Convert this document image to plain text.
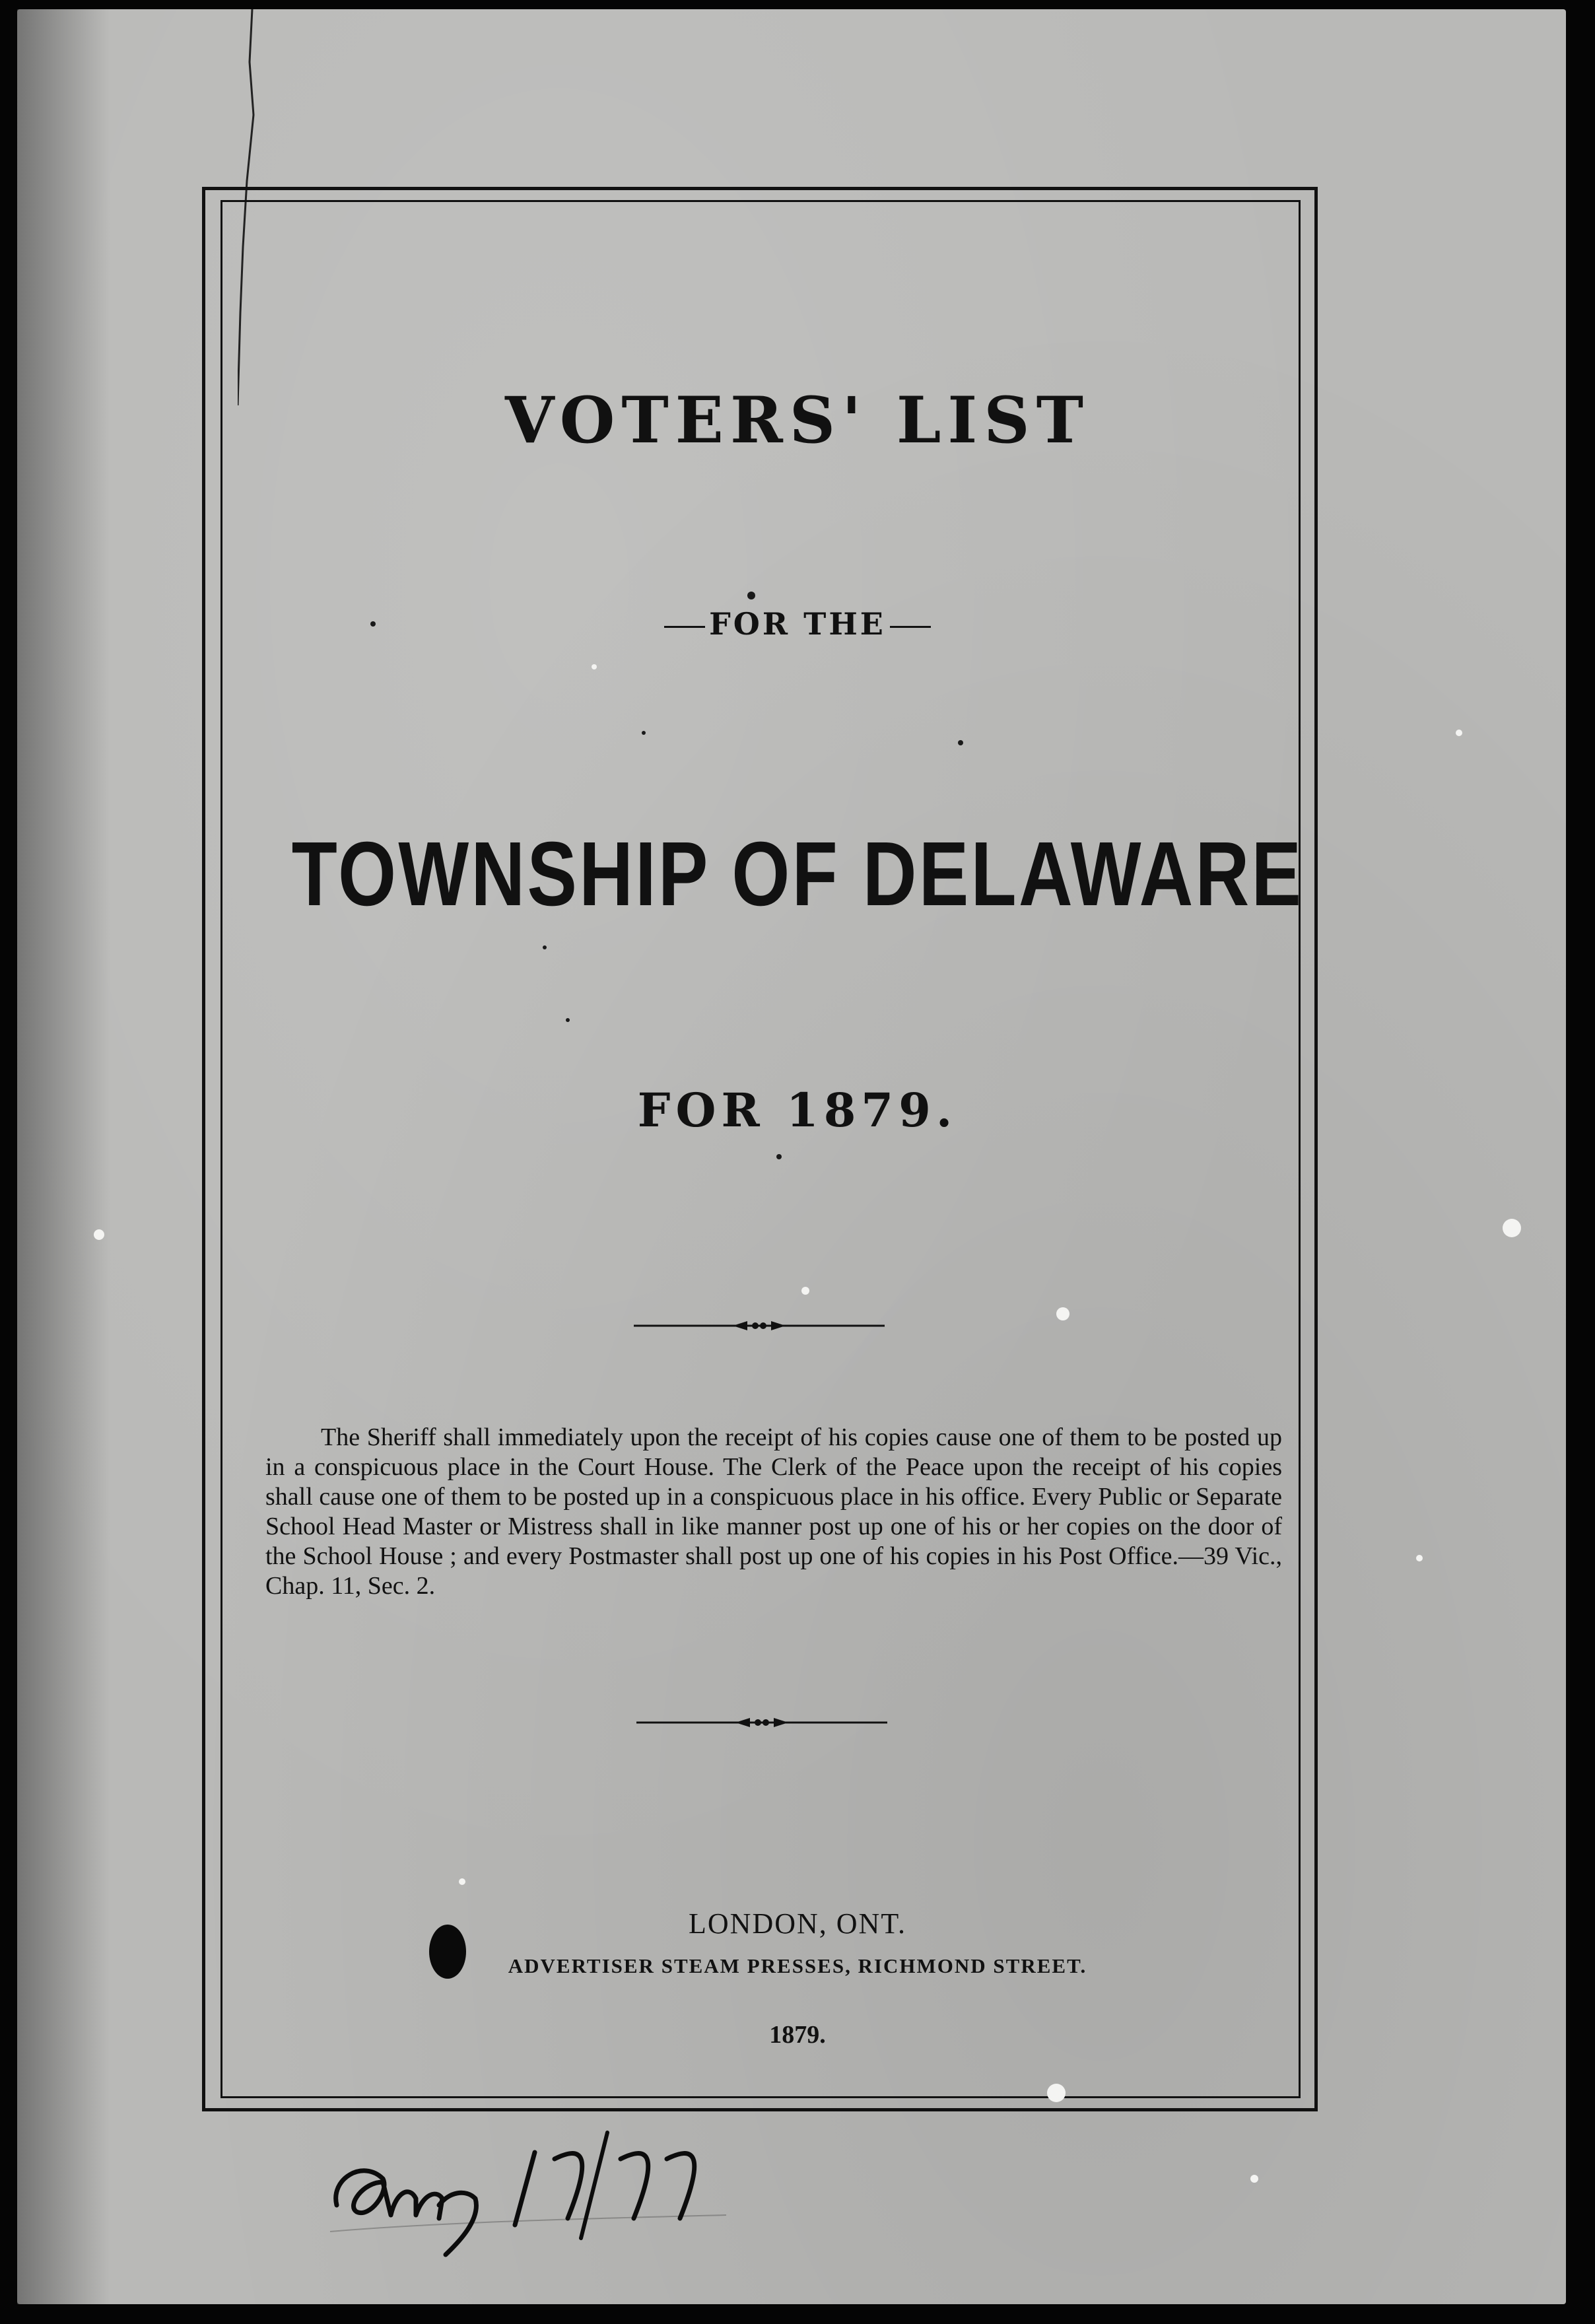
VOTERS' LIST
FOR THE
TOWNSHIP OF DELAWARE
FOR 1879.
The Sheriff shall immediately upon the receipt of his copies cause one of them to be posted up in a conspicuous place in the Court House. The Clerk of the Peace upon the receipt of his copies shall cause one of them to be posted up in a conspicuous place in his office. Every Public or Separate School Head Master or Mistress shall in like manner post up one of his or her copies on the door of the School House ; and every Postmaster shall post up one of his copies in his Post Office.—39 Vic., Chap. 11, Sec. 2.
LONDON, ONT.
ADVERTISER STEAM PRESSES, RICHMOND STREET.
1879.
